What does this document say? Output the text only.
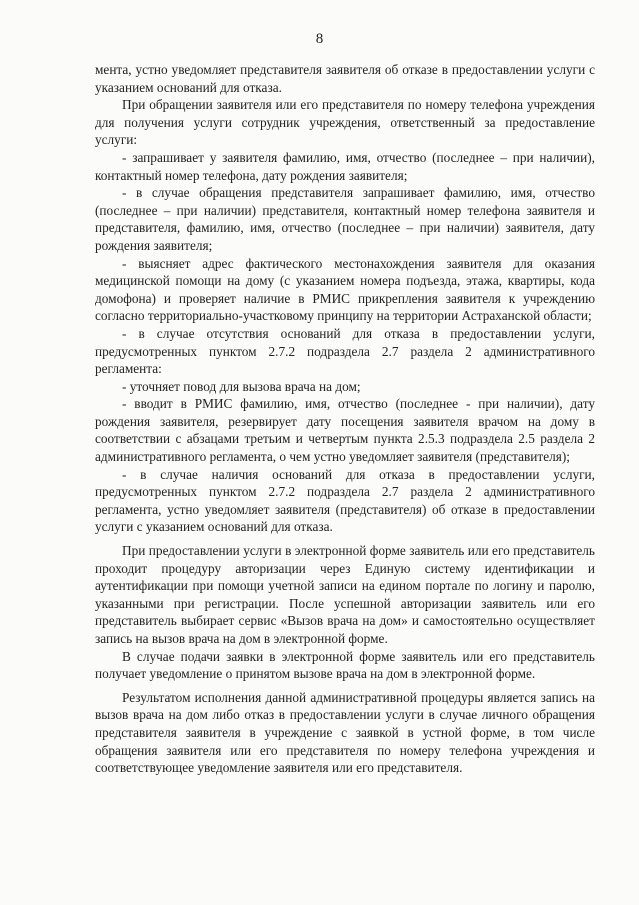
8

мента, устно уведомляет представителя заявителя об отказе в предоставлении услуги с указанием оснований для отказа.

При обращении заявителя или его представителя по номеру телефона учреждения для получения услуги сотрудник учреждения, ответственный за предоставление услуги:

- запрашивает у заявителя фамилию, имя, отчество (последнее – при наличии), контактный номер телефона, дату рождения заявителя;

- в случае обращения представителя запрашивает фамилию, имя, отчество (последнее – при наличии) представителя, контактный номер телефона заявителя и представителя, фамилию, имя, отчество (последнее – при наличии) заявителя, дату рождения заявителя;

- выясняет адрес фактического местонахождения заявителя для оказания медицинской помощи на дому (с указанием номера подъезда, этажа, квартиры, кода домофона) и проверяет наличие в РМИС прикрепления заявителя к учреждению согласно территориально-участковому принципу на территории Астраханской области;

- в случае отсутствия оснований для отказа в предоставлении услуги, предусмотренных пунктом 2.7.2 подраздела 2.7 раздела 2 административного регламента:

- уточняет повод для вызова врача на дом;

- вводит в РМИС фамилию, имя, отчество (последнее - при наличии), дату рождения заявителя, резервирует дату посещения заявителя врачом на дому в соответствии с абзацами третьим и четвертым пункта 2.5.3 подраздела 2.5 раздела 2 административного регламента, о чем устно уведомляет заявителя (представителя);

- в случае наличия оснований для отказа в предоставлении услуги, предусмотренных пунктом 2.7.2 подраздела 2.7 раздела 2 административного регламента, устно уведомляет заявителя (представителя) об отказе в предоставлении услуги с указанием оснований для отказа.

При предоставлении услуги в электронной форме заявитель или его представитель проходит процедуру авторизации через Единую систему идентификации и аутентификации при помощи учетной записи на едином портале по логину и паролю, указанными при регистрации. После успешной авторизации заявитель или его представитель выбирает сервис «Вызов врача на дом» и самостоятельно осуществляет запись на вызов врача на дом в электронной форме.

В случае подачи заявки в электронной форме заявитель или его представитель получает уведомление о принятом вызове врача на дом в электронной форме.

Результатом исполнения данной административной процедуры является запись на вызов врача на дом либо отказ в предоставлении услуги в случае личного обращения представителя заявителя в учреждение с заявкой в устной форме, в том числе обращения заявителя или его представителя по номеру телефона учреждения и соответствующее уведомление заявителя или его представителя.
